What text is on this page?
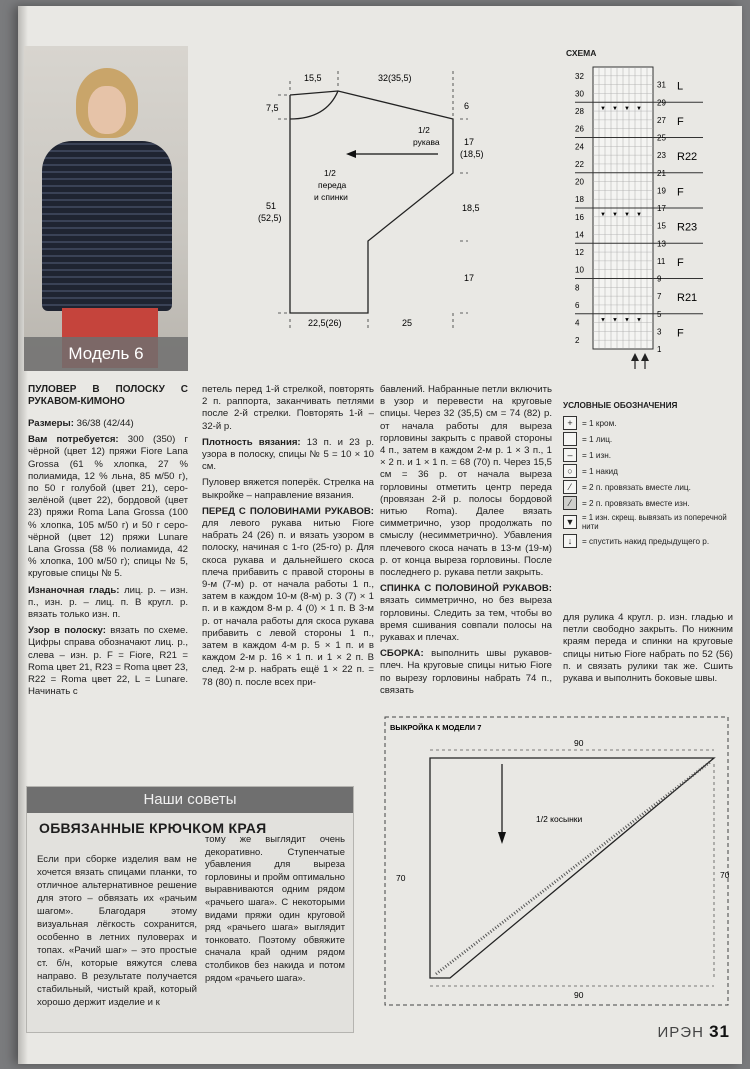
Модель 6
15,5	32(35,5)
7,5	6
1/2
рукава	17
(18,5)
1/2
переда
и спинки
51
(52,5)
18,5
17
22,5(26)	25
СХЕМА
32
30
28
26
24
22
20
18
16
14
12
10
8
6
4
2
31
29
27
25
23
21
19
17
15
13
11
9
7
5
3
1
L
F
R22
F
R23
F
R21
F
▼ ▼ ▼ ▼
▼ ▼ ▼ ▼
▼ ▼ ▼ ▼
УСЛОВНЫЕ ОБОЗНАЧЕНИЯ
+	= 1 кром.
= 1 лиц.
–	= 1 изн.
○	= 1 накид
⁄	= 2 п. провязать вместе лиц.
⁄	= 2 п. провязать вместе изн.
▼ = 1 изн. скрещ. вывязать из поперечной нити
↓	= спустить накид предыдущего р.

ПУЛОВЕР В ПОЛОСКУ С РУКАВОМ-КИМОНО

Размеры: 36/38 (42/44)

Вам потребуется: 300 (350) г чёрной (цвет 12) пряжи Fiore Lana Grossa (61 % хлопка, 27 % полиамида, 12 % льна, 85 м/50 г), по 50 г голубой (цвет 21), серо-зелёной (цвет 22), бордовой (цвет 23) пряжи Roma Lana Grossa (100 % хлопка, 105 м/50 г) и 50 г серо-чёрной (цвет 12) пряжи Lunare Lana Grossa (58 % полиамида, 42 % хлопка, 100 м/50 г); спицы № 5, круговые спицы № 5.

Изнаночная гладь: лиц. р. – изн. п., изн. р. – лиц. п. В кругл. р. вязать только изн. п.

Узор в полоску: вязать по схеме. Цифры справа обозначают лиц. р., слева – изн. р. F = Fiore, R21 = Roma цвет 21, R23 = Roma цвет 23, R22 = Roma цвет 22, L = Lunare. Начинать с

петель перед 1-й стрелкой, повторять 2 п. раппорта, заканчивать петлями после 2-й стрелки. Повторять 1-й – 32-й р.

Плотность вязания: 13 п. и 23 р. узора в полоску, спицы № 5 = 10 × 10 см.

Пуловер вяжется поперёк. Стрелка на выкройке – направление вязания.

ПЕРЕД С ПОЛОВИНАМИ РУКАВОВ: для левого рукава нитью Fiore набрать 24 (26) п. и вязать узором в полоску, начиная с 1-го (25-го) р. Для скоса рукава и дальнейшего скоса плеча прибавить с правой стороны в 9-м (7-м) р. от начала работы 1 п., затем в каждом 10-м (8-м) р. 3 (7) × 1 п. и в каждом 8-м р. 4 (0) × 1 п. В 3-м р. от начала работы для скоса рукава прибавить с левой стороны 1 п., затем в каждом 4-м р. 5 × 1 п. и в каждом 2-м р. 16 × 1 п. и 1 × 2 п. В след. 2-м р. набрать ещё 1 × 22 п. = 78 (80) п. после всех при-

бавлений. Набранные петли включить в узор и перевести на круговые спицы. Через 32 (35,5) см = 74 (82) р. от начала работы для выреза горловины закрыть с правой стороны 4 п., затем в каждом 2-м р. 1 × 3 п., 1 × 2 п. и 1 × 1 п. = 68 (70) п. Через 15,5 см = 36 р. от начала выреза горловины отметить центр переда (провязан 2-й р. полосы бордовой нитью Roma). Далее вязать симметрично, узор продолжать по смыслу (несимметрично). Убавления плечевого скоса начать в 13-м (19-м) р. от конца выреза горловины. После последнего р. рукава петли закрыть.

СПИНКА С ПОЛОВИНОЙ РУКАВОВ: вязать симметрично, но без выреза горловины. Следить за тем, чтобы во время сшивания совпали полосы на рукавах и плечах.

СБОРКА: выполнить швы рукавов-плеч. На круговые спицы нитью Fiore по вырезу горловины набрать 74 п., связать

для рулика 4 кругл. р. изн. гладью и петли свободно закрыть. По нижним краям переда и спинки на круговые спицы нитью Fiore набрать по 52 (56) п. и связать рулики так же. Сшить рукава и выполнить боковые швы.

ВЫКРОЙКА К МОДЕЛИ 7
90
90
70	70
1/2 косынки
Наши советы
ОБВЯЗАННЫЕ КРЮЧКОМ КРАЯ
Если при сборке изделия вам не хочется вязать спицами планки, то отличное альтернативное решение для этого – обвязать их «рачьим шагом». Благодаря этому визуальная лёгкость сохранится, особенно в летних пуловерах и топах. «Рачий шаг» – это простые ст. б/н, которые вяжутся слева направо. В результате получается стабильный, чистый край, который хорошо держит изделие и к
тому же выглядит очень декоративно. Ступенчатые убавления для выреза горловины и пройм оптимально выравниваются одним рядом «рачьего шага». С некоторыми видами пряжи один круговой ряд «рачьего шага» выглядит тонковато. Поэтому обвяжите сначала край одним рядом столбиков без накида и потом рядом «рачьего шага».
ИРЭН 31
